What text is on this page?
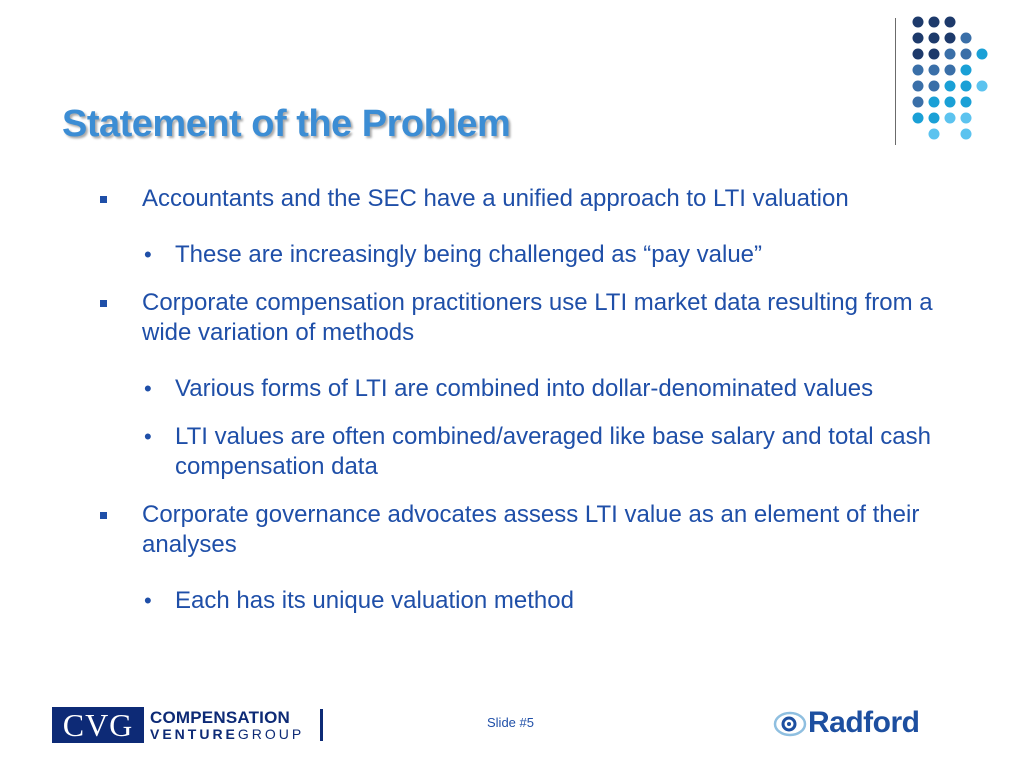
Statement of the Problem
Accountants and the SEC have a unified approach to LTI valuation
• These are increasingly being challenged as “pay value”
Corporate compensation practitioners use LTI market data resulting from a wide variation of methods
• Various forms of LTI are combined into dollar-denominated values
• LTI values are often combined/averaged like base salary and total cash compensation data
Corporate governance advocates assess LTI value as an element of their analyses
• Each has its unique valuation method
CVG COMPENSATION
VENTUREGROUP
Slide #5	Radford
